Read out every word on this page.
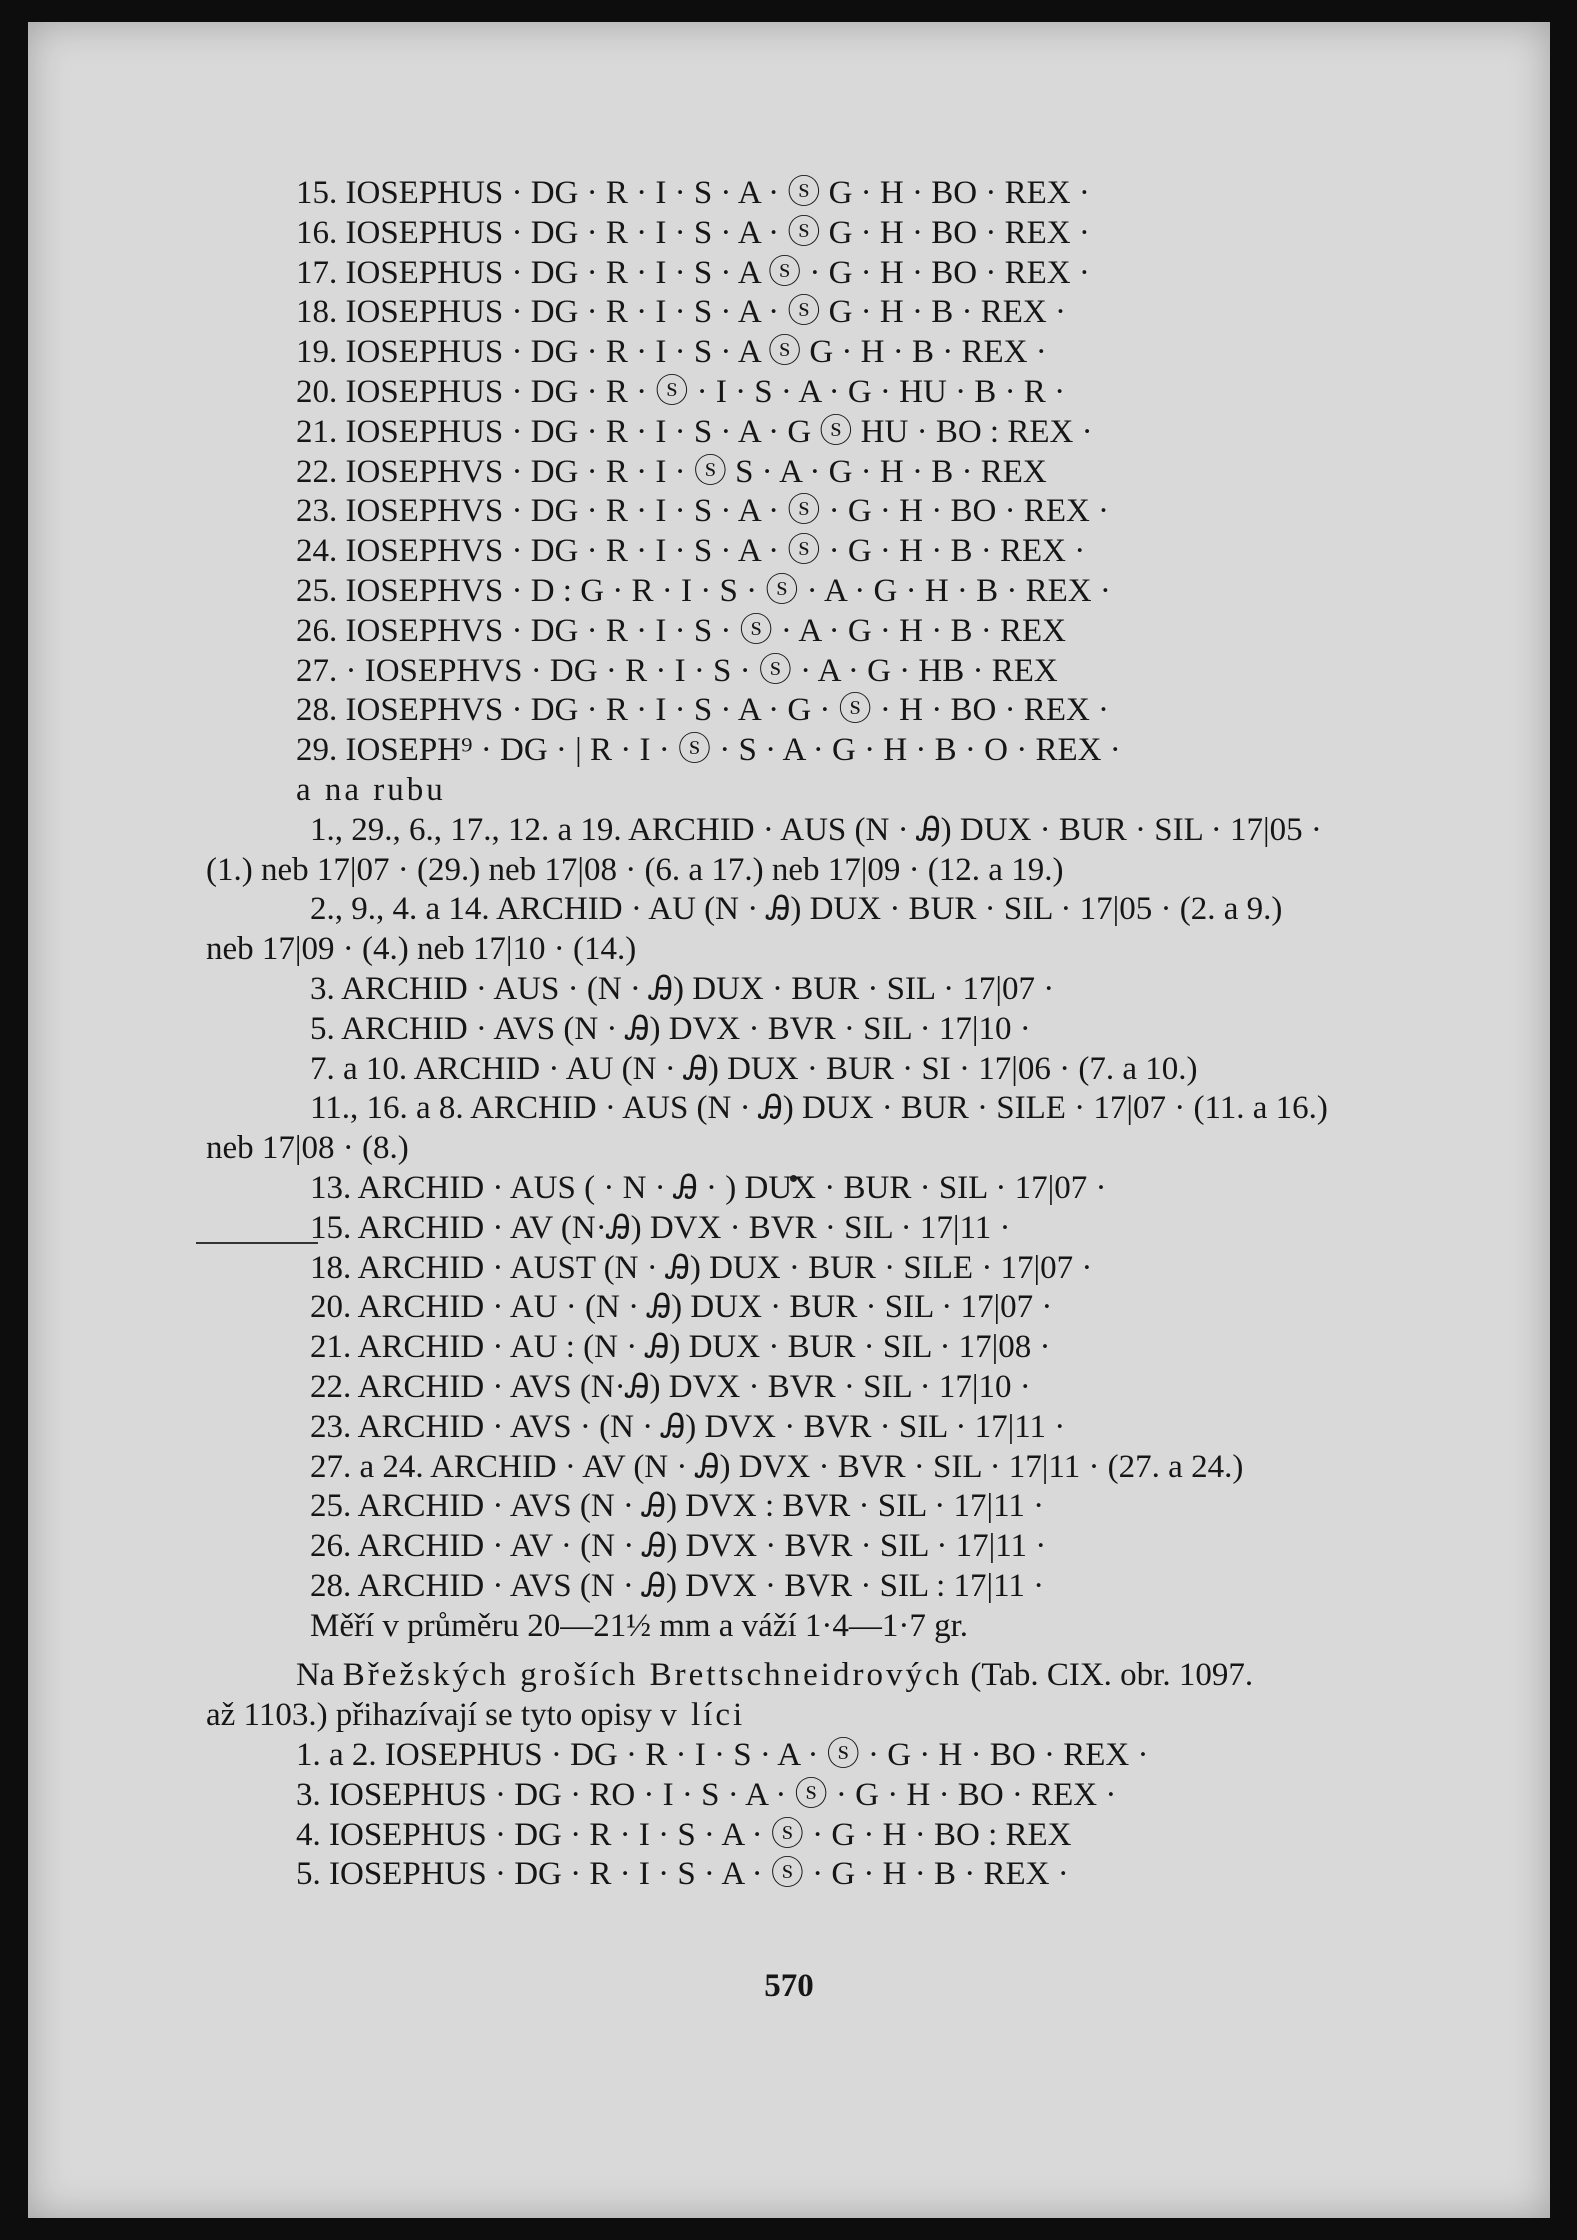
15. IOSEPHUS · DG · R · I · S · A · ⓢ G · H · BO · REX ·
16. IOSEPHUS · DG · R · I · S · A · ⓢ G · H · BO · REX ·
17. IOSEPHUS · DG · R · I · S · A ⓢ · G · H · BO · REX ·
18. IOSEPHUS · DG · R · I · S · A · ⓢ G · H · B · REX ·
19. IOSEPHUS · DG · R · I · S · A ⓢ G · H · B · REX ·
20. IOSEPHUS · DG · R · ⓢ · I · S · A · G · HU · B · R ·
21. IOSEPHUS · DG · R · I · S · A · G ⓢ HU · BO : REX ·
22. IOSEPHVS · DG · R · I · ⓢ S · A · G · H · B · REX
23. IOSEPHVS · DG · R · I · S · A · ⓢ · G · H · BO · REX ·
24. IOSEPHVS · DG · R · I · S · A · ⓢ · G · H · B · REX ·
25. IOSEPHVS · D : G · R · I · S · ⓢ · A · G · H · B · REX ·
26. IOSEPHVS · DG · R · I · S · ⓢ · A · G · H · B · REX
27. · IOSEPHVS · DG · R · I · S · ⓢ · A · G · HB · REX
28. IOSEPHVS · DG · R · I · S · A · G · ⓢ · H · BO · REX ·
29. IOSEPH⁹ · DG · | R · I · ⓢ · S · A · G · H · B · O · REX ·
a na rubu
1., 29., 6., 17., 12. a 19. ARCHID · AUS (N · Ꭿ) DUX · BUR · SIL · 17|05 ·
(1.) neb 17|07 · (29.) neb 17|08 · (6. a 17.) neb 17|09 · (12. a 19.)
2., 9., 4. a 14. ARCHID · AU (N · Ꭿ) DUX · BUR · SIL · 17|05 · (2. a 9.)
neb 17|09 · (4.) neb 17|10 · (14.)
3. ARCHID · AUS · (N · Ꭿ) DUX · BUR · SIL · 17|07 ·
5. ARCHID · AVS (N · Ꭿ) DVX · BVR · SIL · 17|10 ·
7. a 10. ARCHID · AU (N · Ꭿ) DUX · BUR · SI · 17|06 · (7. a 10.)
11., 16. a 8. ARCHID · AUS (N · Ꭿ) DUX · BUR · SILE · 17|07 · (11. a 16.)
neb 17|08 · (8.)
13. ARCHID · AUS ( · N · Ꭿ · ) DUX · BUR · SIL · 17|07 ·
15. ARCHID · AV (N·Ꭿ) DVX · BVR · SIL · 17|11 ·
18. ARCHID · AUST (N · Ꭿ) DUX · BUR · SILE · 17|07 ·
20. ARCHID · AU · (N · Ꭿ) DUX · BUR · SIL · 17|07 ·
21. ARCHID · AU : (N · Ꭿ) DUX · BUR · SIL · 17|08 ·
22. ARCHID · AVS (N·Ꭿ) DVX · BVR · SIL · 17|10 ·
23. ARCHID · AVS · (N · Ꭿ) DVX · BVR · SIL · 17|11 ·
27. a 24. ARCHID · AV (N · Ꭿ) DVX · BVR · SIL · 17|11 · (27. a 24.)
25. ARCHID · AVS (N · Ꭿ) DVX : BVR · SIL · 17|11 ·
26. ARCHID · AV · (N · Ꭿ) DVX · BVR · SIL · 17|11 ·
28. ARCHID · AVS (N · Ꭿ) DVX · BVR · SIL : 17|11 ·
Měří v průměru 20—21½ mm a váží 1·4—1·7 gr.
Na Břežských groších Brettschneidrových (Tab. CIX. obr. 1097.
až 1103.) přihazívají se tyto opisy v líci
1. a 2. IOSEPHUS · DG · R · I · S · A · ⓢ · G · H · BO · REX ·
3. IOSEPHUS · DG · RO · I · S · A · ⓢ · G · H · BO · REX ·
4. IOSEPHUS · DG · R · I · S · A · ⓢ · G · H · BO : REX
5. IOSEPHUS · DG · R · I · S · A · ⓢ · G · H · B · REX ·
570
